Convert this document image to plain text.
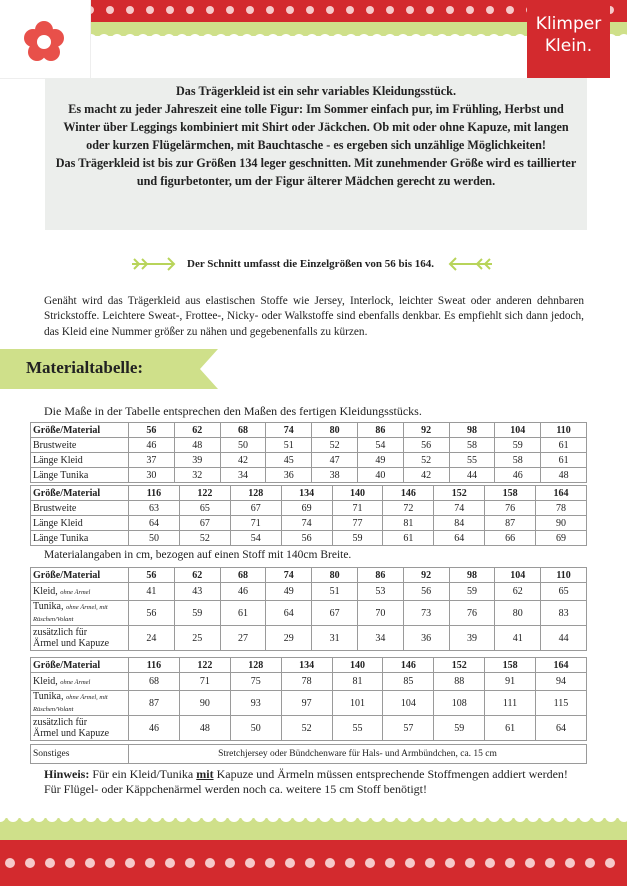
Klimper
Klein.

Das Trägerkleid ist ein sehr variables Kleidungsstück.

Es macht zu jeder Jahreszeit eine tolle Figur: Im Sommer einfach pur, im Frühling, Herbst und Winter über Leggings kombiniert mit Shirt oder Jäckchen. Ob mit oder ohne Kapuze, mit langen oder kurzen Flügelärmchen, mit Bauchtasche - es ergeben sich unzählige Möglichkeiten!

Das Trägerkleid ist bis zur Größen 134 leger geschnitten. Mit zunehmender Größe wird es taillierter und figurbetonter, um der Figur älterer Mädchen gerecht zu werden.

Der Schnitt umfasst die Einzelgrößen von 56 bis 164.
Genäht wird das Trägerkleid aus elastischen Stoffe wie Jersey, Interlock, leichter Sweat oder anderen dehnbaren Strickstoffe. Leichtere Sweat-, Frottee-, Nicky- oder Walkstoffe sind ebenfalls denkbar. Es empfiehlt sich dann jedoch, das Kleid eine Nummer größer zu nähen und gegebenenfalls zu kürzen.
Materialtabelle:
Die Maße in der Tabelle entsprechen den Maßen des fertigen Kleidungsstücks.
Größe/Material	56	62	68	74	80	86	92	98	104	110
Brustweite	46	48	50	51	52	54	56	58	59	61
Länge Kleid	37	39	42	45	47	49	52	55	58	61
Länge Tunika	30	32	34	36	38	40	42	44	46	48
Größe/Material	116	122	128	134	140	146	152	158	164
Brustweite	63	65	67	69	71	72	74	76	78
Länge Kleid	64	67	71	74	77	81	84	87	90
Länge Tunika	50	52	54	56	59	61	64	66	69
Materialangaben in cm, bezogen auf einen Stoff mit 140cm Breite.
Größe/Material	56	62	68	74	80	86	92	98	104	110
Kleid, ohne Ärmel	41	43	46	49	51	53	56	59	62	65
Tunika, ohne Ärmel, mit Rüschen/Volant	56	59	61	64	67	70	73	76	80	83

zusätzlich für
Ärmel und Kapuze	24	25	27	29	31	34	36	39	41	44
Größe/Material	116	122	128	134	140	146	152	158	164
Kleid, ohne Ärmel	68	71	75	78	81	85	88	91	94
Tunika, ohne Ärmel, mit Rüschen/Volant	87	90	93	97	101	104	108	111	115

zusätzlich für
Ärmel und Kapuze	46	48	50	52	55	57	59	61	64
Sonstiges	Stretchjersey oder Bündchenware für Hals- und Armbündchen, ca. 15 cm
Hinweis: Für ein Kleid/Tunika mit Kapuze und Ärmeln müssen entsprechende Stoffmengen addiert werden!
Für Flügel- oder Käppchenärmel werden noch ca. weitere 15 cm Stoff benötigt!
